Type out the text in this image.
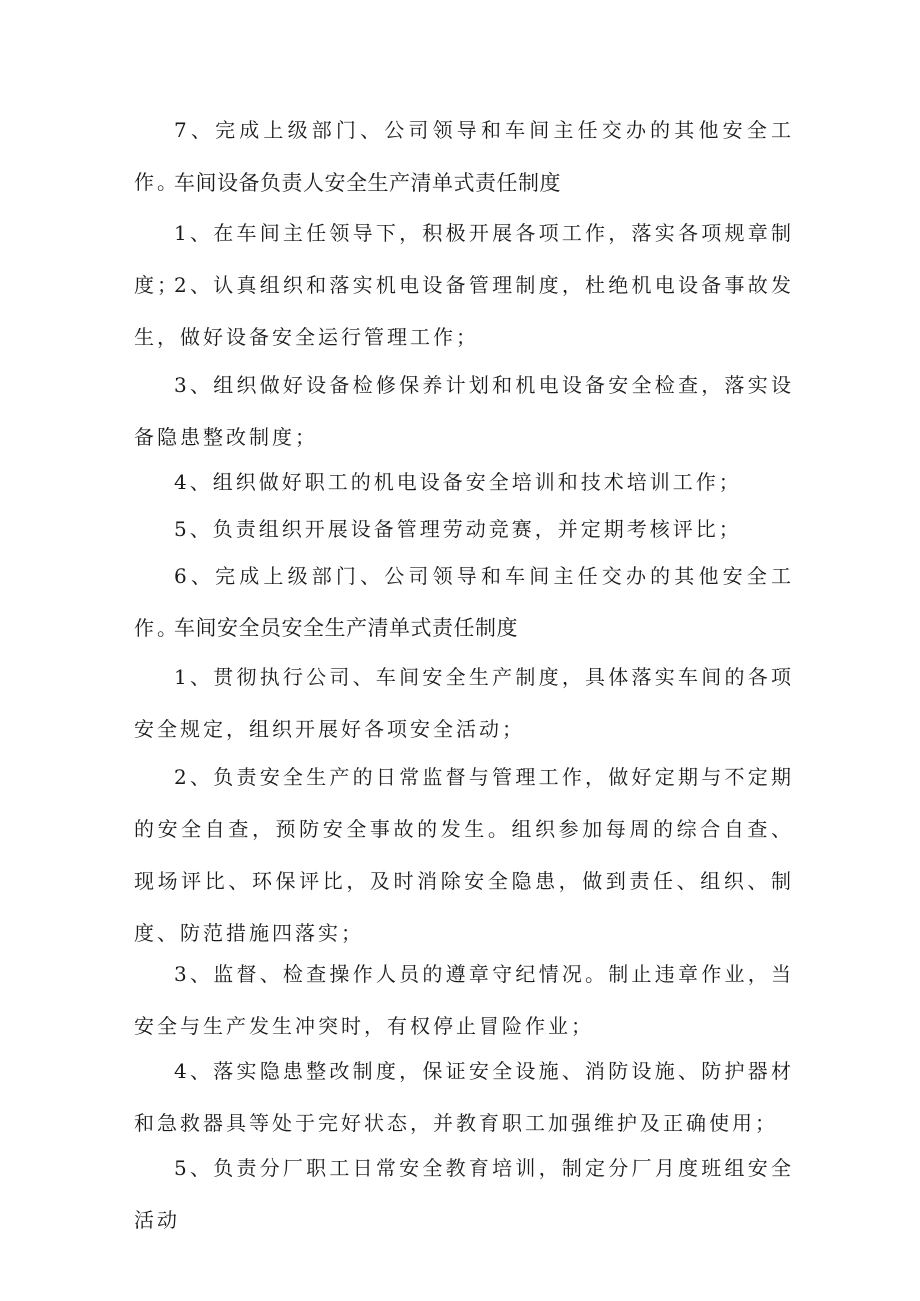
7、完成上级部门、公司领导和车间主任交办的其他安全工作。

车间设备负责人安全生产清单式责任制度

1、在车间主任领导下，积极开展各项工作，落实各项规章制度；

2、认真组织和落实机电设备管理制度，杜绝机电设备事故发生，做好设备安全运行管理工作；

3、组织做好设备检修保养计划和机电设备安全检查，落实设备隐患整改制度；

4、组织做好职工的机电设备安全培训和技术培训工作；

5、负责组织开展设备管理劳动竞赛，并定期考核评比；

6、完成上级部门、公司领导和车间主任交办的其他安全工作。

车间安全员安全生产清单式责任制度

1、贯彻执行公司、车间安全生产制度，具体落实车间的各项安全规定，组织开展好各项安全活动；

2、负责安全生产的日常监督与管理工作，做好定期与不定期的安全自查，预防安全事故的发生。组织参加每周的综合自查、现场评比、环保评比，及时消除安全隐患，做到责任、组织、制度、防范措施四落实；

3、监督、检查操作人员的遵章守纪情况。制止违章作业，当安全与生产发生冲突时，有权停止冒险作业；

4、落实隐患整改制度，保证安全设施、消防设施、防护器材和急救器具等处于完好状态，并教育职工加强维护及正确使用；

5、负责分厂职工日常安全教育培训，制定分厂月度班组安全活动
